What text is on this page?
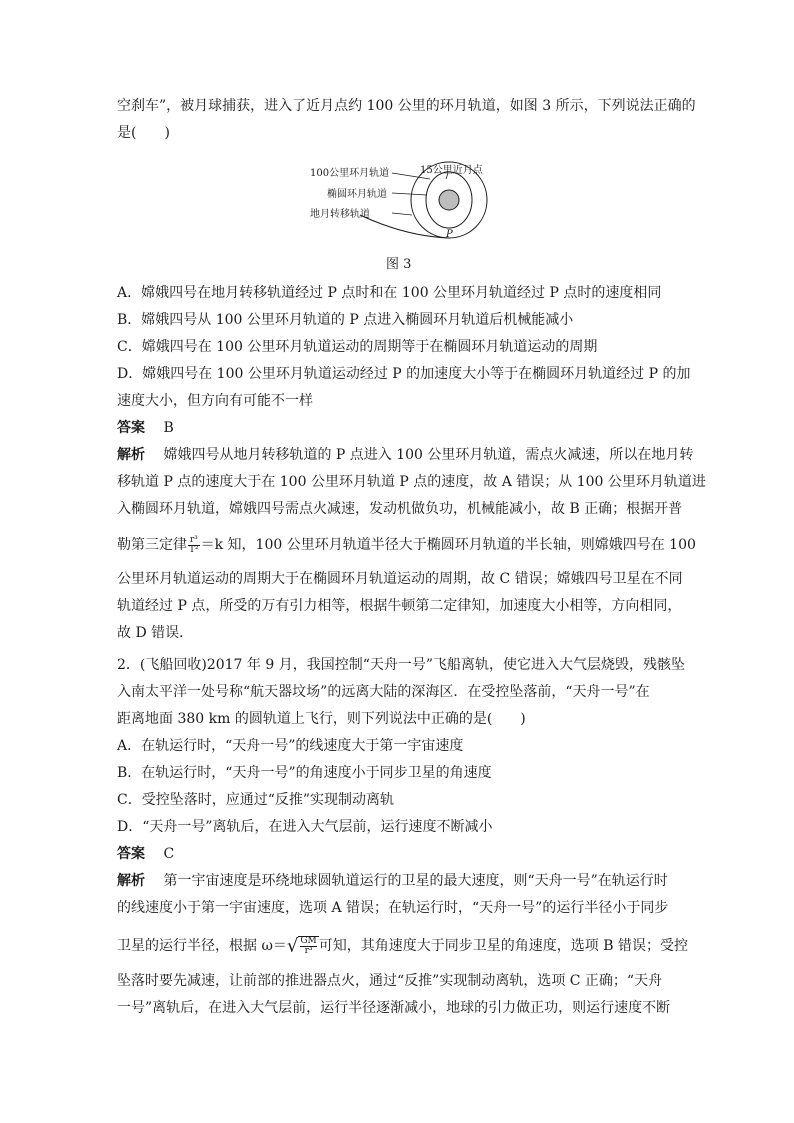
空刹车”，被月球捕获，进入了近月点约 100 公里的环月轨道，如图 3 所示，下列说法正确的
是(　　)
100公里环月轨道
椭圆环月轨道
地月转移轨道
15公里近月点
P
图 3
A．嫦娥四号在地月转移轨道经过 P 点时和在 100 公里环月轨道经过 P 点时的速度相同
B．嫦娥四号从 100 公里环月轨道的 P 点进入椭圆环月轨道后机械能减小
C．嫦娥四号在 100 公里环月轨道运动的周期等于在椭圆环月轨道运动的周期
D．嫦娥四号在 100 公里环月轨道运动经过 P 的加速度大小等于在椭圆环月轨道经过 P 的加
速度大小，但方向有可能不一样
答案 B
解析 嫦娥四号从地月转移轨道的 P 点进入 100 公里环月轨道，需点火减速，所以在地月转
移轨道 P 点的速度大于在 100 公里环月轨道 P 点的速度，故 A 错误；从 100 公里环月轨道进
入椭圆环月轨道，嫦娥四号需点火减速，发动机做负功，机械能减小，故 B 正确；根据开普
勒第三定律 $\frac{\text{r³}}{\text{T²}} =k$ 知，100 公里环月轨道半径大于椭圆环月轨道的半长轴，则嫦娥四号在 100
公里环月轨道运动的周期大于在椭圆环月轨道运动的周期，故 C 错误；嫦娥四号卫星在不同
轨道经过 P 点，所受的万有引力相等，根据牛顿第二定律知，加速度大小相等，方向相同，
故 D 错误．
2．(飞船回收)2017 年 9 月，我国控制“天舟一号”飞船离轨，使它进入大气层烧毁，残骸坠
入南太平洋一处号称“航天器坟场”的远离大陆的深海区．在受控坠落前，“天舟一号”在
距离地面 380 km 的圆轨道上飞行，则下列说法中正确的是(　　)
A．在轨运行时，“天舟一号”的线速度大于第一宇宙速度
B．在轨运行时，“天舟一号”的角速度小于同步卫星的角速度
C．受控坠落时，应通过“反推”实现制动离轨
D．“天舟一号”离轨后，在进入大气层前，运行速度不断减小
答案 C
解析 第一宇宙速度是环绕地球圆轨道运行的卫星的最大速度，则“天舟一号”在轨运行时
的线速度小于第一宇宙速度，选项 A 错误；在轨运行时，“天舟一号”的运行半径小于同步
卫星的运行半径，根据 $\omega=√ \frac{GM}{\text{r³}}$ 可知，其角速度大于同步卫星的角速度，选项 B 错误；受控
坠落时要先减速，让前部的推进器点火，通过“反推”实现制动离轨，选项 C 正确；“天舟
一号”离轨后，在进入大气层前，运行半径逐渐减小，地球的引力做正功，则运行速度不断
